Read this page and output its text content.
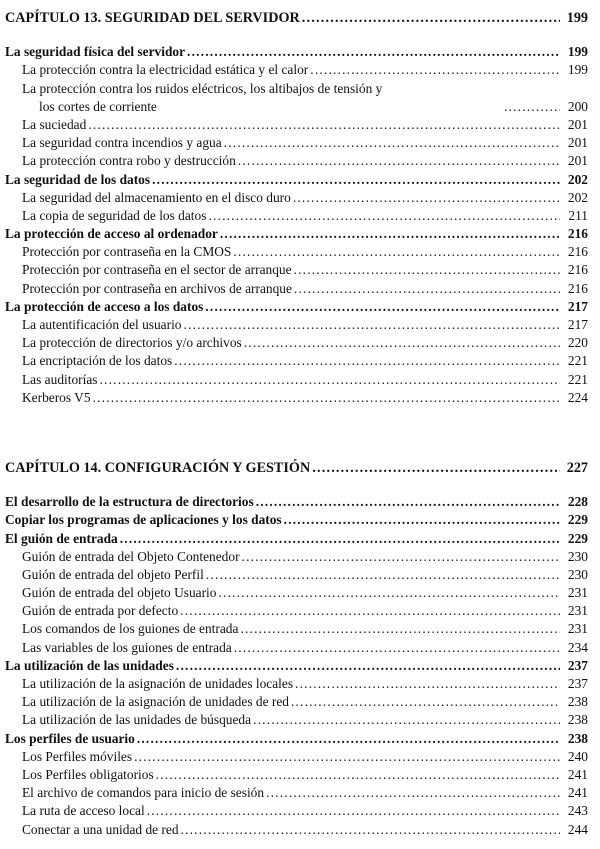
CAPÍTULO 13. SEGURIDAD DEL SERVIDOR .....	199
La seguridad física del servidor .....	199
La protección contra la electricidad estática y el calor .....	199
La protección contra los ruidos eléctricos, los altibajos de tensión y
los cortes de corriente .....	200
La suciedad .....	201
La seguridad contra incendios y agua .....	201
La protección contra robo y destrucción .....	201
La seguridad de los datos .....	202
La seguridad del almacenamiento en el disco duro .....	202
La copia de seguridad de los datos .....	211
La protección de acceso al ordenador .....	216
Protección por contraseña en la CMOS .....	216
Protección por contraseña en el sector de arranque .....	216
Protección por contraseña en archivos de arranque .....	216
La protección de acceso a los datos .....	217
La autentificación del usuario .....	217
La protección de directorios y/o archivos .....	220
La encriptación de los datos .....	221
Las auditorías .....	221
Kerberos V5 .....	224
CAPÍTULO 14. CONFIGURACIÓN Y GESTIÓN .....	227
El desarrollo de la estructura de directorios .....	228
Copiar los programas de aplicaciones y los datos .....	229
El guión de entrada .....	229
Guión de entrada del Objeto Contenedor .....	230
Guión de entrada del objeto Perfil .....	230
Guión de entrada del objeto Usuario .....	231
Guión de entrada por defecto .....	231
Los comandos de los guiones de entrada .....	231
Las variables de los guiones de entrada .....	234
La utilización de las unidades .....	237
La utilización de la asignación de unidades locales .....	237
La utilización de la asignación de unidades de red .....	238
La utilización de las unidades de búsqueda .....	238
Los perfiles de usuario .....	238
Los Perfiles móviles .....	240
Los Perfiles obligatorios .....	241
El archivo de comandos para inicio de sesión .....	241
La ruta de acceso local .....	243
Conectar a una unidad de red .....	244
